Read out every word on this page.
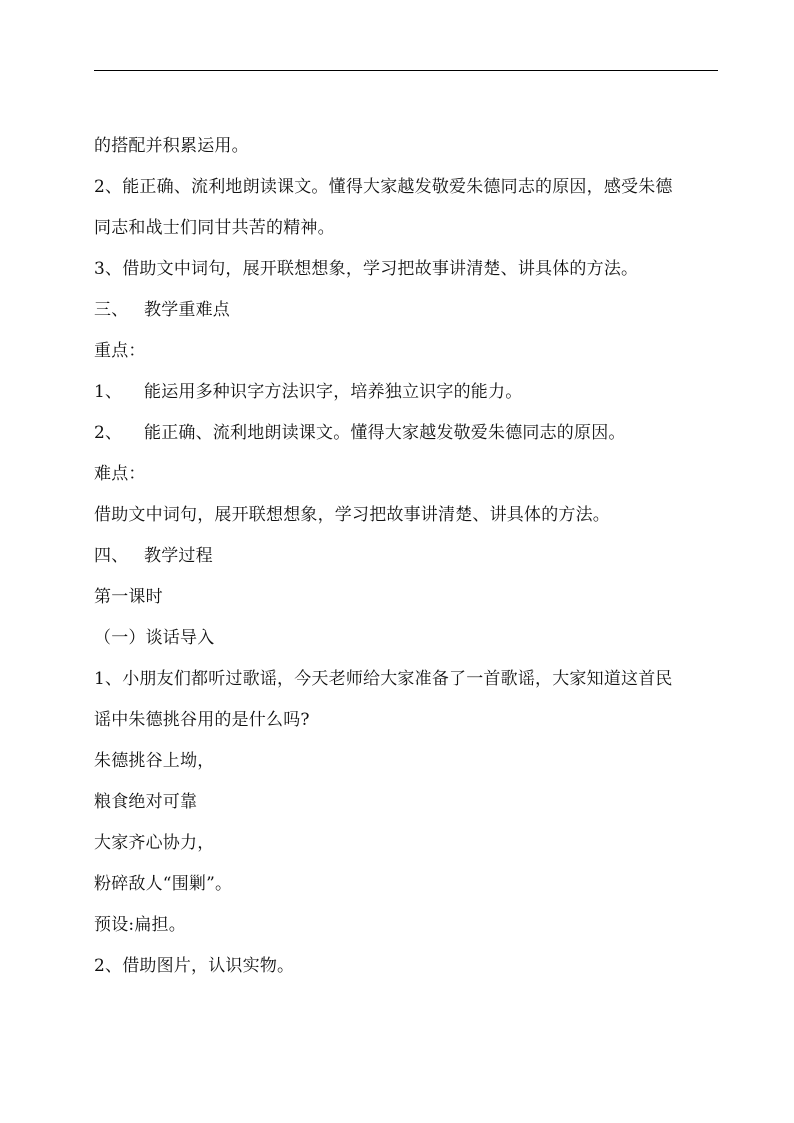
的搭配并积累运用。
2、能正确、流利地朗读课文。懂得大家越发敬爱朱德同志的原因，感受朱德
同志和战士们同甘共苦的精神。
3、借助文中词句，展开联想想象，学习把故事讲清楚、讲具体的方法。
三、 教学重难点
重点：
1、 能运用多种识字方法识字，培养独立识字的能力。
2、 能正确、流利地朗读课文。懂得大家越发敬爱朱德同志的原因。
难点：
借助文中词句，展开联想想象，学习把故事讲清楚、讲具体的方法。
四、 教学过程
第一课时
（一）谈话导入
1、小朋友们都听过歌谣，今天老师给大家准备了一首歌谣，大家知道这首民
谣中朱德挑谷用的是什么吗?
朱德挑谷上坳，
粮食绝对可靠
大家齐心协力，
粉碎敌人“围剿”。
预设:扁担。
2、借助图片，认识实物。
